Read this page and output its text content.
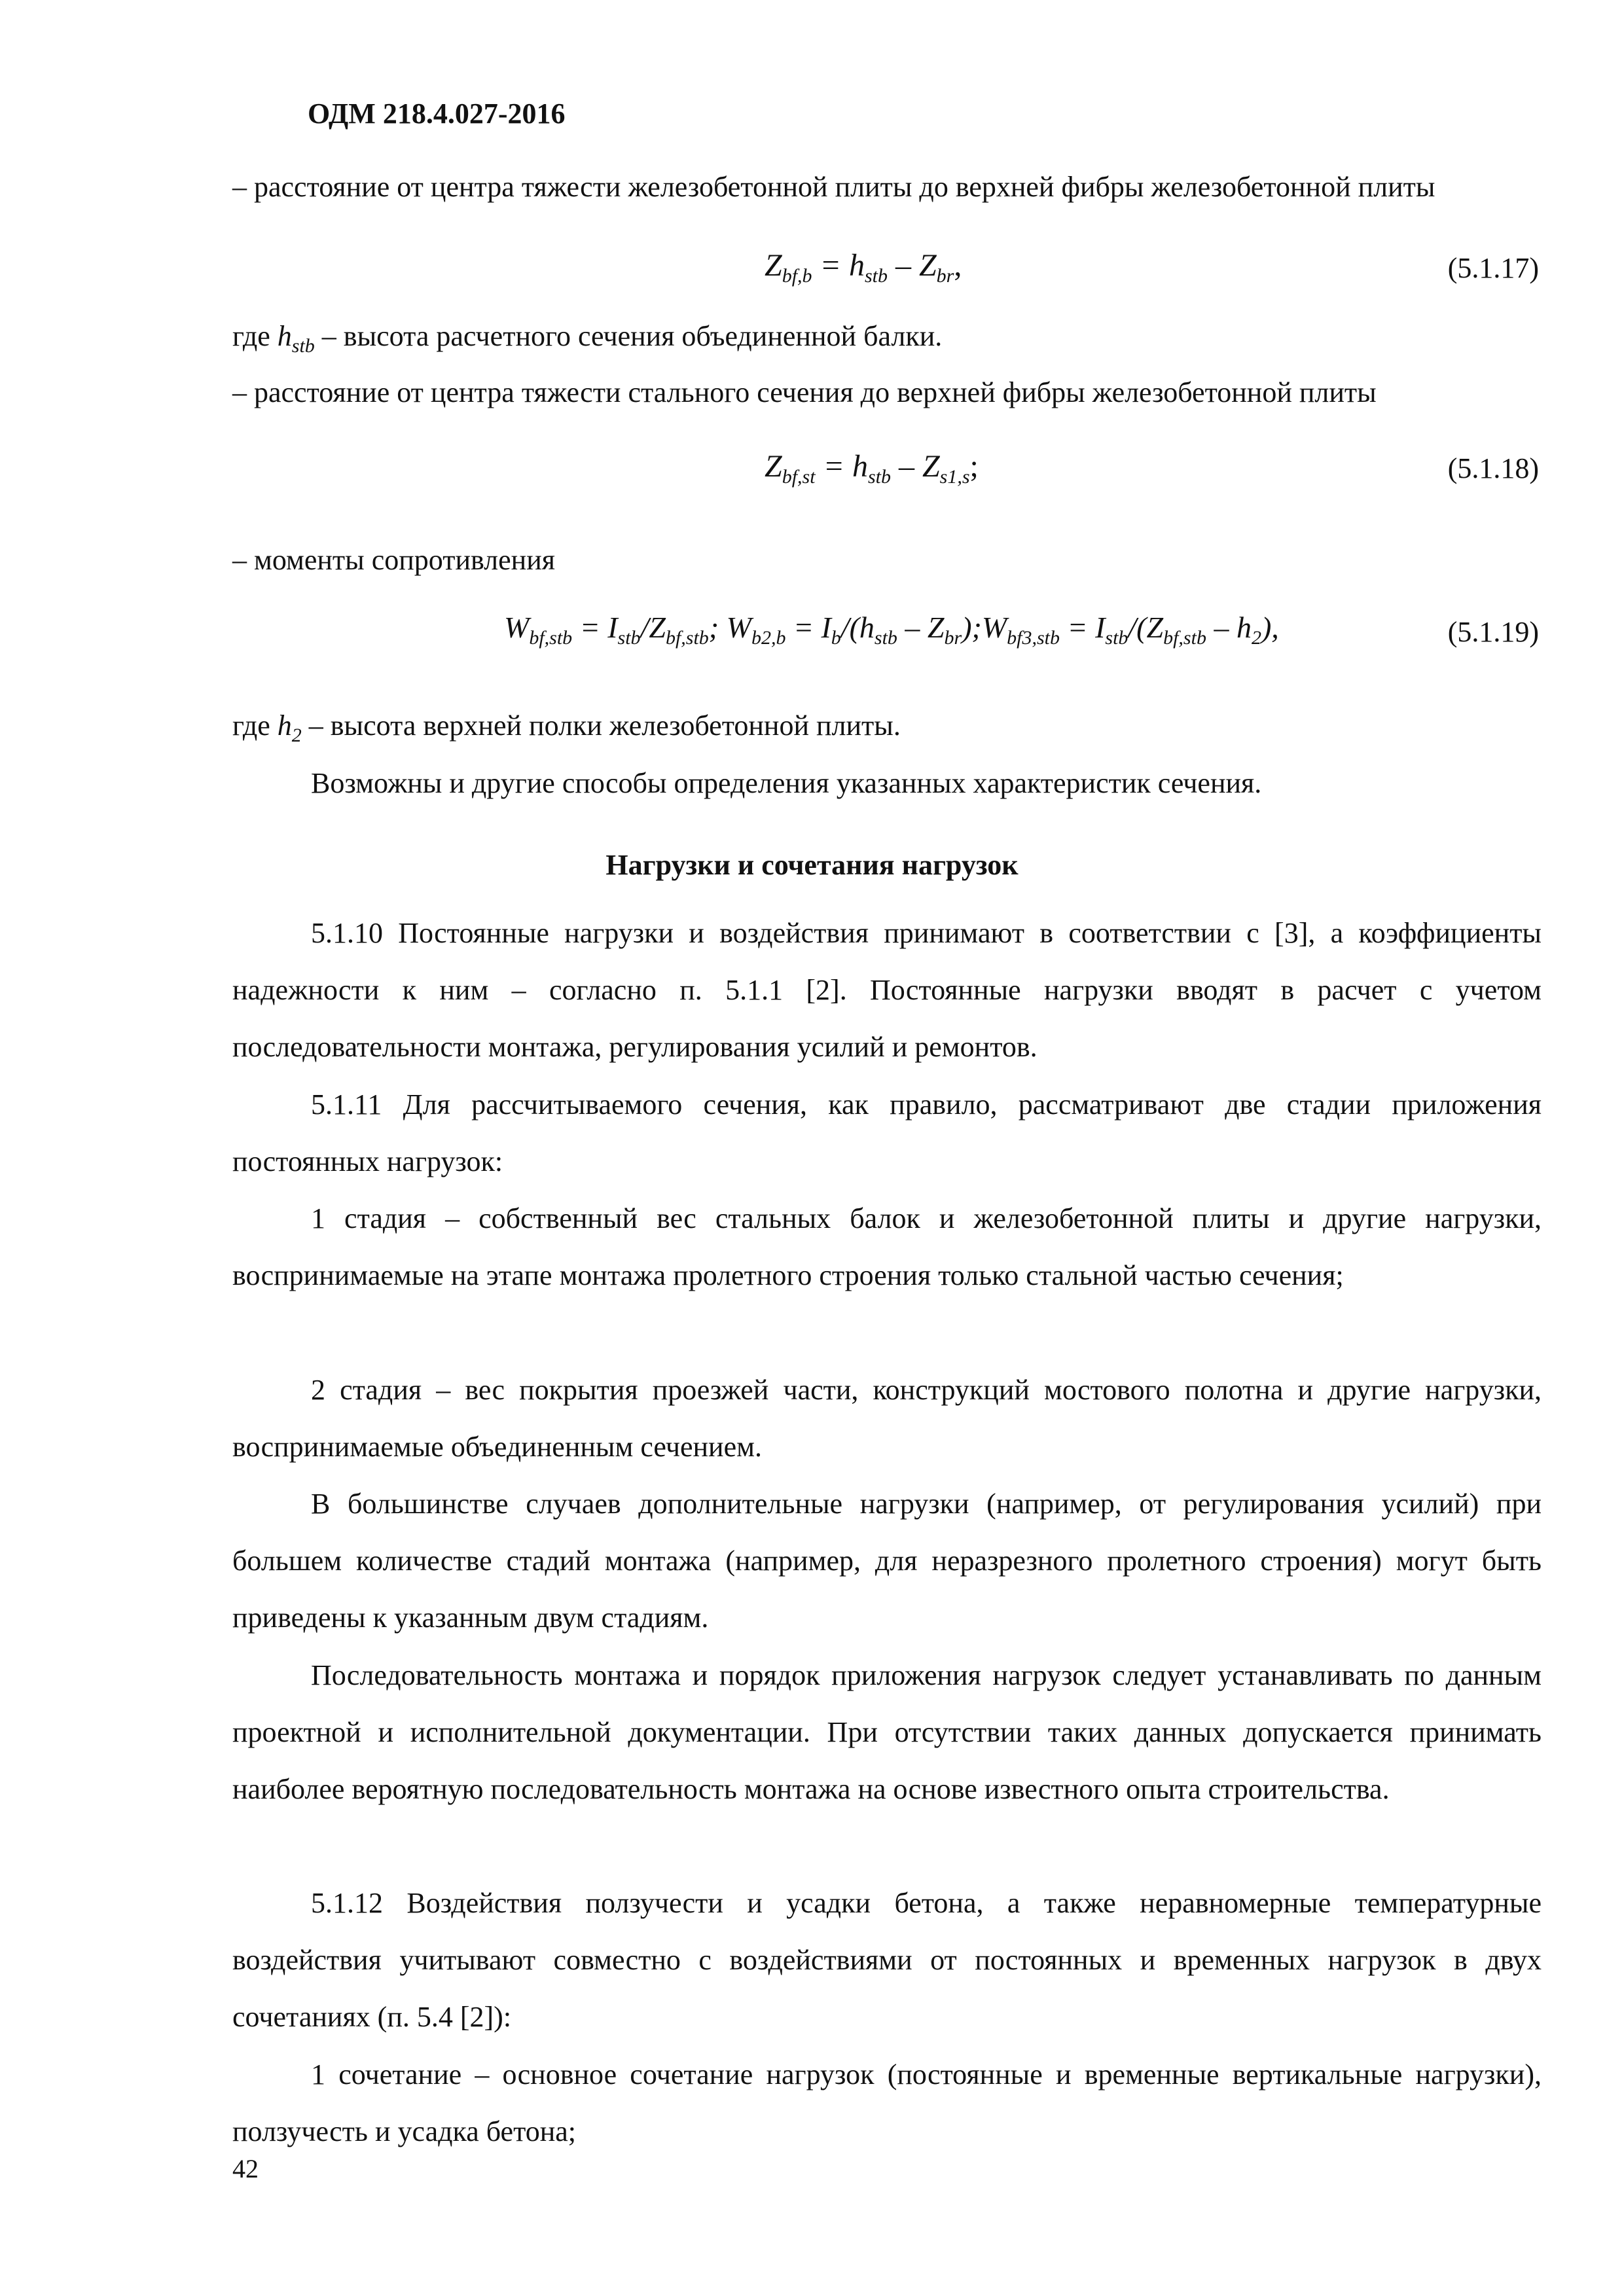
ОДМ 218.4.027-2016
– расстояние от центра тяжести железобетонной плиты до верхней фибры железобетонной плиты
$Z_{bf,b} = h_{stb} - Z_{br}$,	(5.1.17)
где $h_{stb}$ – высота расчетного сечения объединенной балки.
– расстояние от центра тяжести стального сечения до верхней фибры железобетонной плиты
$Z_{bf,st} = h_{stb} - Z_{s1,s}$;	(5.1.18)
– моменты сопротивления
$W_{bf,stb} = I_{stb}/Z_{bf,stb}$; $W_{b2,b} = I_b/(h_{stb}$ – $Z_{br});W_{bf3,stb} = I_{stb}/(Z_{bf,stb} - h_2)$,	(5.1.19)
где $h_2$ – высота верхней полки железобетонной плиты.
Возможны и другие способы определения указанных характеристик сечения.
Нагрузки и сочетания нагрузок
5.1.10 Постоянные нагрузки и воздействия принимают в соответствии с [3], а коэффициенты надежности к ним – согласно п. 5.1.1 [2]. Постоянные нагрузки вводят в расчет с учетом последовательности монтажа, регулирования усилий и ремонтов.
5.1.11 Для рассчитываемого сечения, как правило, рассматривают две стадии приложения постоянных нагрузок:
1 стадия – собственный вес стальных балок и железобетонной плиты и другие нагрузки, воспринимаемые на этапе монтажа пролетного строения только стальной частью сечения;
2 стадия – вес покрытия проезжей части, конструкций мостового полотна и другие нагрузки, воспринимаемые объединенным сечением.
В большинстве случаев дополнительные нагрузки (например, от регулирования усилий) при большем количестве стадий монтажа (например, для неразрезного пролетного строения) могут быть приведены к указанным двум стадиям.
Последовательность монтажа и порядок приложения нагрузок следует устанавливать по данным проектной и исполнительной документации. При отсутствии таких данных допускается принимать наиболее вероятную последовательность монтажа на основе известного опыта строительства.
5.1.12 Воздействия ползучести и усадки бетона, а также неравномерные температурные воздействия учитывают совместно с воздействиями от постоянных и временных нагрузок в двух сочетаниях (п. 5.4 [2]):
1 сочетание – основное сочетание нагрузок (постоянные и временные вертикальные нагрузки), ползучесть и усадка бетона;
42
